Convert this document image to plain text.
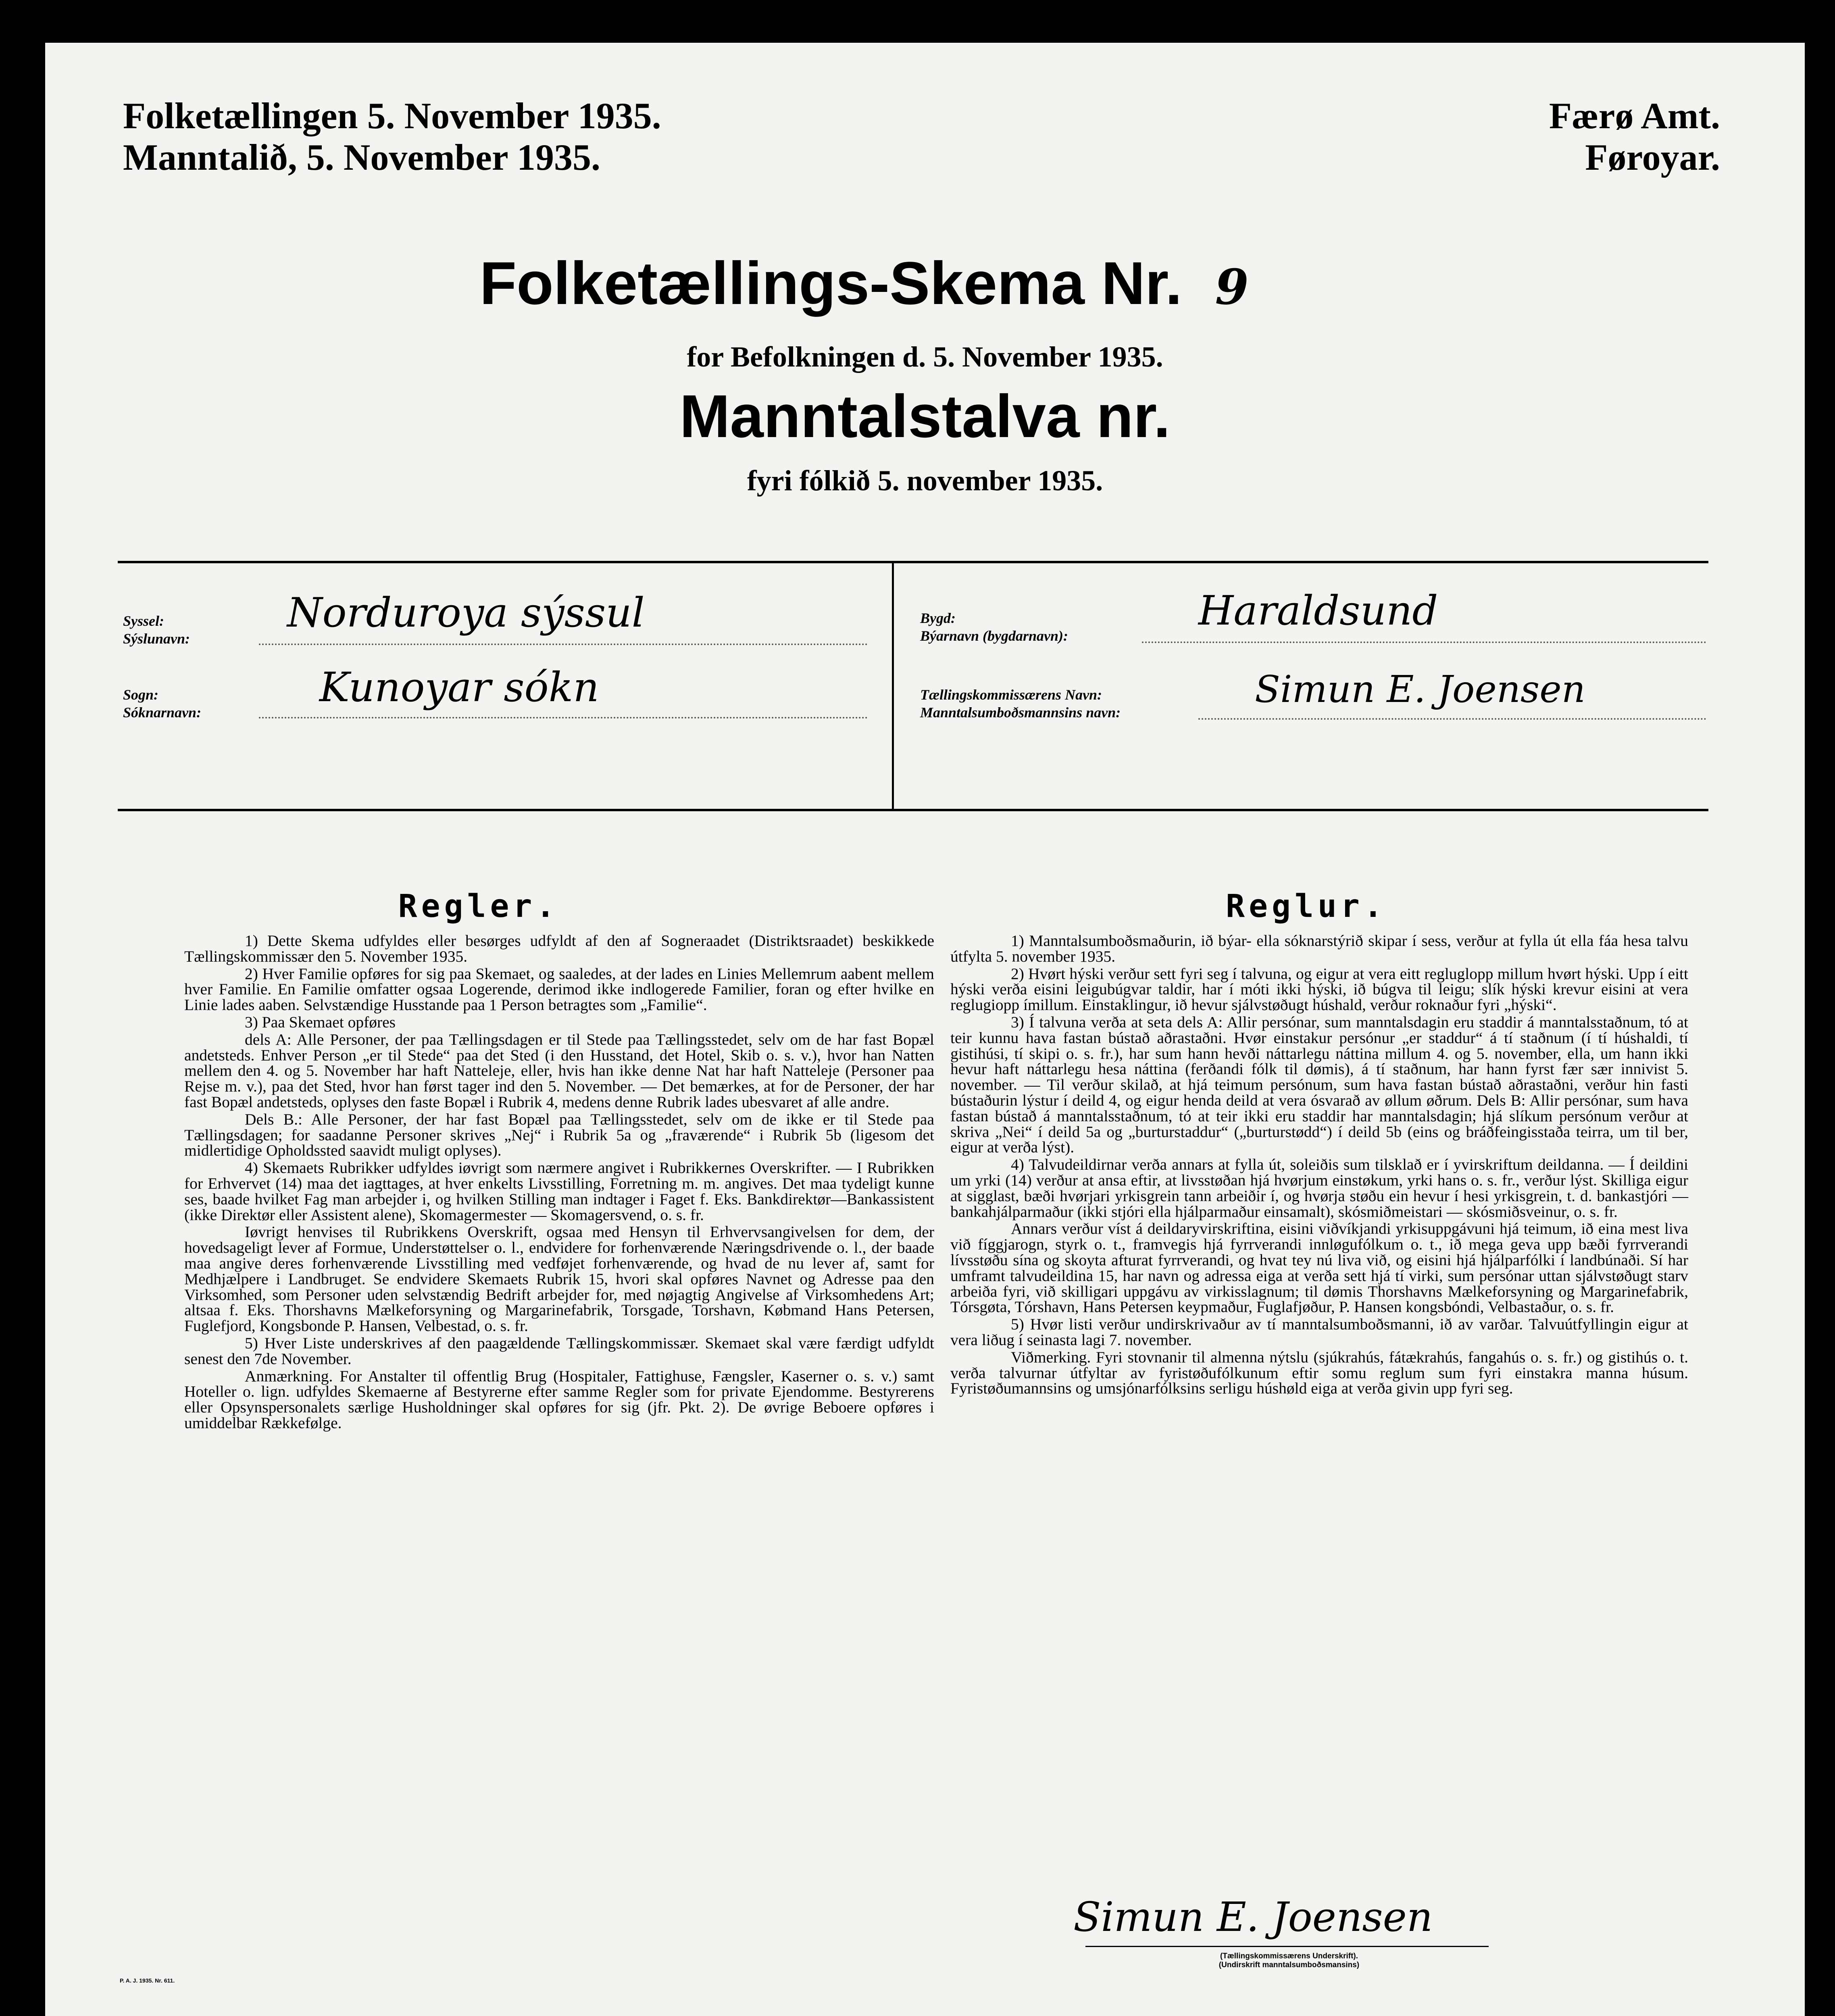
Folketællingen 5. November 1935.
Manntalið, 5. November 1935.
Færø Amt.
Føroyar.
Folketællings-Skema Nr. 9
for Befolkningen d. 5. November 1935.
Manntalstalva nr.
fyri fólkið 5. november 1935.
Syssel:
Sýslunavn:
Norduroya sýssul
Sogn:
Sóknarnavn:
Kunoyar sókn
Bygd:
Býarnavn (bygdarnavn):
Haraldsund
Tællingskommissærens Navn:
Manntalsumboðsmannsins navn:
Simun E. Joensen
Regler.	Reglur.

1) Dette Skema udfyldes eller besørges udfyldt af den af Sogneraadet (Distriktsraadet) beskikkede Tællingskommissær den 5. November 1935.

2) Hver Familie opføres for sig paa Skemaet, og saaledes, at der lades en Linies Mellemrum aabent mellem hver Familie. En Familie omfatter ogsaa Logerende, derimod ikke indlogerede Familier, foran og efter hvilke en Linie lades aaben. Selvstændige Husstande paa 1 Person betragtes som „Familie“.

3) Paa Skemaet opføres

dels A: Alle Personer, der paa Tællingsdagen er til Stede paa Tællingsstedet, selv om de har fast Bopæl andetsteds. Enhver Person „er til Stede“ paa det Sted (i den Husstand, det Hotel, Skib o. s. v.), hvor han Natten mellem den 4. og 5. November har haft Natteleje, eller, hvis han ikke denne Nat har haft Natteleje (Personer paa Rejse m. v.), paa det Sted, hvor han først tager ind den 5. November. — Det bemærkes, at for de Personer, der har fast Bopæl andetsteds, oplyses den faste Bopæl i Rubrik 4, medens denne Rubrik lades ubesvaret af alle andre.

Dels B.: Alle Personer, der har fast Bopæl paa Tællingsstedet, selv om de ikke er til Stede paa Tællingsdagen; for saadanne Personer skrives „Nej“ i Rubrik 5a og „fraværende“ i Rubrik 5b (ligesom det midlertidige Opholdssted saavidt muligt oplyses).

4) Skemaets Rubrikker udfyldes iøvrigt som nærmere angivet i Rubrikkernes Overskrifter. — I Rubrikken for Erhvervet (14) maa det iagttages, at hver enkelts Livsstilling, Forretning m. m. angives. Det maa tydeligt kunne ses, baade hvilket Fag man arbejder i, og hvilken Stilling man indtager i Faget f. Eks. Bankdirektør—Bankassistent (ikke Direktør eller Assistent alene), Skomagermester — Skomagersvend, o. s. fr.

Iøvrigt henvises til Rubrikkens Overskrift, ogsaa med Hensyn til Erhvervsangivelsen for dem, der hovedsageligt lever af Formue, Understøttelser o. l., endvidere for forhenværende Næringsdrivende o. l., der baade maa angive deres forhenværende Livsstilling med vedføjet forhenværende, og hvad de nu lever af, samt for Medhjælpere i Landbruget. Se endvidere Skemaets Rubrik 15, hvori skal opføres Navnet og Adresse paa den Virksomhed, som Personer uden selvstændig Bedrift arbejder for, med nøjagtig Angivelse af Virksomhedens Art; altsaa f. Eks. Thorshavns Mælkeforsyning og Margarinefabrik, Torsgade, Torshavn, Købmand Hans Petersen, Fuglefjord, Kongsbonde P. Hansen, Velbestad, o. s. fr.

5) Hver Liste underskrives af den paagældende Tællingskommissær. Skemaet skal være færdigt udfyldt senest den 7de November.

Anmærkning. For Anstalter til offentlig Brug (Hospitaler, Fattighuse, Fængsler, Kaserner o. s. v.) samt Hoteller o. lign. udfyldes Skemaerne af Bestyrerne efter samme Regler som for private Ejendomme. Bestyrerens eller Opsynspersonalets særlige Husholdninger skal opføres for sig (jfr. Pkt. 2). De øvrige Beboere opføres i umiddelbar Rækkefølge.

1) Manntalsumboðsmaðurin, ið býar- ella sóknarstýrið skipar í sess, verður at fylla út ella fáa hesa talvu útfylta 5. november 1935.

2) Hvørt hýski verður sett fyri seg í talvuna, og eigur at vera eitt regluglopp millum hvørt hýski. Upp í eitt hýski verða eisini leigubúgvar taldir, har í móti ikki hýski, ið búgva til leigu; slík hýski krevur eisini at vera reglugiopp ímillum. Einstaklingur, ið hevur sjálvstøðugt húshald, verður roknaður fyri „hýski“.

3) Í talvuna verða at seta dels A: Allir persónar, sum manntalsdagin eru staddir á manntalsstaðnum, tó at teir kunnu hava fastan bústað aðrastaðni. Hvør einstakur persónur „er staddur“ á tí staðnum (í tí húshaldi, tí gistihúsi, tí skipi o. s. fr.), har sum hann hevði náttarlegu náttina millum 4. og 5. november, ella, um hann ikki hevur haft náttarlegu hesa náttina (ferðandi fólk til dømis), á tí staðnum, har hann fyrst fær sær innivist 5. november. — Til verður skilað, at hjá teimum persónum, sum hava fastan bústað aðrastaðni, verður hin fasti bústaðurin lýstur í deild 4, og eigur henda deild at vera ósvarað av øllum øðrum. Dels B: Allir persónar, sum hava fastan bústað á manntalsstaðnum, tó at teir ikki eru staddir har manntalsdagin; hjá slíkum persónum verður at skriva „Nei“ í deild 5a og „burturstaddur“ („burturstødd“) í deild 5b (eins og bráðfeingisstaða teirra, um til ber, eigur at verða lýst).

4) Talvudeildirnar verða annars at fylla út, soleiðis sum tilsklað er í yvirskriftum deildanna. — Í deildini um yrki (14) verður at ansa eftir, at livsstøðan hjá hvørjum einstøkum, yrki hans o. s. fr., verður lýst. Skilliga eigur at sigglast, bæði hvørjari yrkisgrein tann arbeiðir í, og hvørja støðu ein hevur í hesi yrkisgrein, t. d. bankastjóri — bankahjálparmaður (ikki stjóri ella hjálparmaður einsamalt), skósmiðmeistari — skósmiðsveinur, o. s. fr.

Annars verður víst á deildaryvirskriftina, eisini viðvíkjandi yrkisuppgávuni hjá teimum, ið eina mest liva við fíggjarogn, styrk o. t., framvegis hjá fyrrverandi innløgufólkum o. t., ið mega geva upp bæði fyrrverandi lívsstøðu sína og skoyta afturat fyrrverandi, og hvat tey nú liva við, og eisini hjá hjálparfólki í landbúnaði. Sí har umframt talvudeildina 15, har navn og adressa eiga at verða sett hjá tí virki, sum persónar uttan sjálvstøðugt starv arbeiða fyri, við skilligari uppgávu av virkisslagnum; til dømis Thorshavns Mælkeforsyning og Margarinefabrik, Tórsgøta, Tórshavn, Hans Petersen keypmaður, Fuglafjøður, P. Hansen kongsbóndi, Velbastaður, o. s. fr.

5) Hvør listi verður undirskrivaður av tí manntalsumboðsmanni, ið av varðar. Talvuútfyllingin eigur at vera liðug í seinasta lagi 7. november.

Viðmerking. Fyri stovnanir til almenna nýtslu (sjúkrahús, fátækrahús, fangahús o. s. fr.) og gistihús o. t. verða talvurnar útfyltar av fyristøðufólkunum eftir somu reglum sum fyri einstakra manna húsum. Fyristøðumannsins og umsjónarfólksins serligu húshøld eiga at verða givin upp fyri seg.

Simun E. Joensen
(Tællingskommissærens Underskrift).
(Undirskrift manntalsumboðsmansins)
P. A. J. 1935. Nr. 611.
